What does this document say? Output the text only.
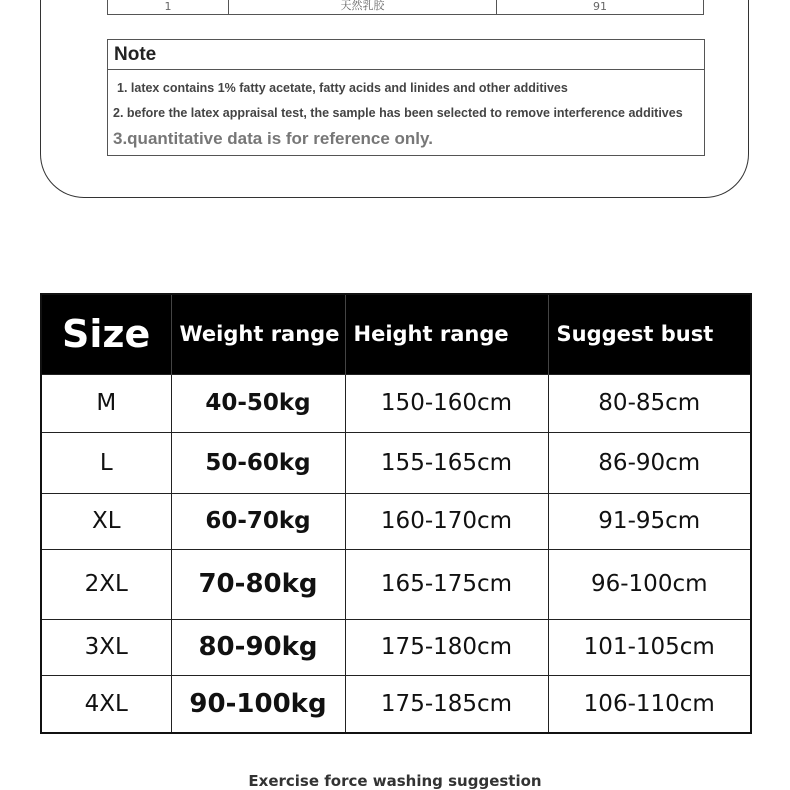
1	天然乳胶	91
Note
1. latex contains 1% fatty acetate, fatty acids and linides and other additives
2. before the latex appraisal test, the sample has been selected to remove interference additives
3.quantitative data is for reference only.
Size	Weight range	Height range	Suggest bust
M	40-50kg	150-160cm	80-85cm
L	50-60kg	155-165cm	86-90cm
XL	60-70kg	160-170cm	91-95cm
2XL	70-80kg	165-175cm	96-100cm
3XL	80-90kg	175-180cm	101-105cm
4XL	90-100kg	175-185cm	106-110cm
Exercise force washing suggestion
